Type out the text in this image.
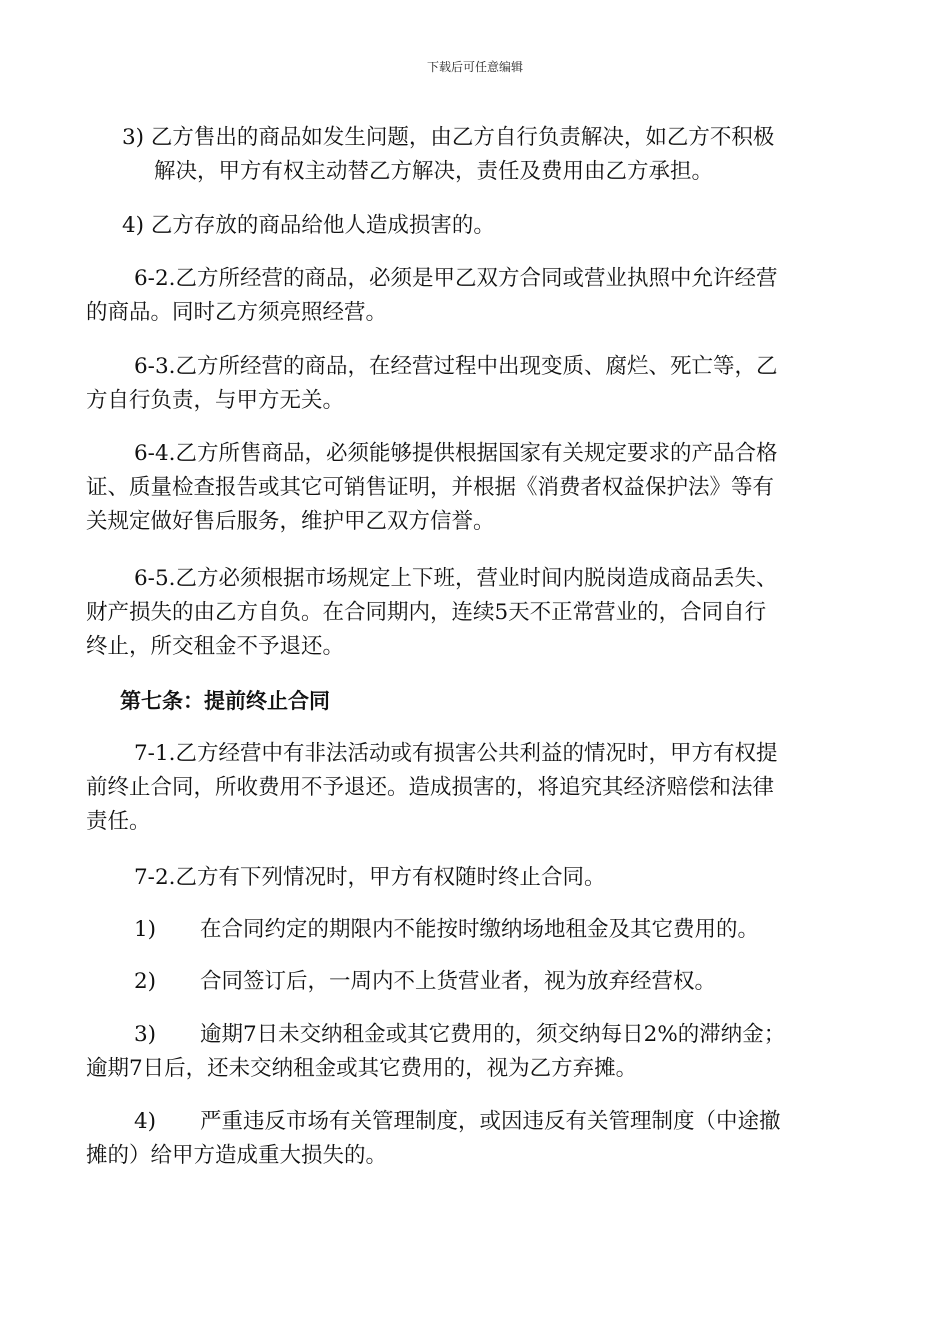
下载后可任意编辑

3) 乙方售出的商品如发生问题，由乙方自行负责解决，如乙方不积极
解决，甲方有权主动替乙方解决，责任及费用由乙方承担。

4) 乙方存放的商品给他人造成损害的。

6-2.乙方所经营的商品，必须是甲乙双方合同或营业执照中允许经营
的商品。同时乙方须亮照经营。

6-3.乙方所经营的商品，在经营过程中出现变质、腐烂、死亡等，乙
方自行负责，与甲方无关。

6-4.乙方所售商品，必须能够提供根据国家有关规定要求的产品合格
证、质量检查报告或其它可销售证明，并根据《消费者权益保护法》等有
关规定做好售后服务，维护甲乙双方信誉。

6-5.乙方必须根据市场规定上下班，营业时间内脱岗造成商品丢失、
财产损失的由乙方自负。在合同期内，连续5天不正常营业的，合同自行
终止，所交租金不予退还。

第七条：提前终止合同

7-1.乙方经营中有非法活动或有损害公共利益的情况时，甲方有权提
前终止合同，所收费用不予退还。造成损害的，将追究其经济赔偿和法律
责任。

7-2.乙方有下列情况时，甲方有权随时终止合同。

1) 在合同约定的期限内不能按时缴纳场地租金及其它费用的。

2) 合同签订后，一周内不上货营业者，视为放弃经营权。

3) 逾期7日未交纳租金或其它费用的，须交纳每日2%的滞纳金；
逾期7日后，还未交纳租金或其它费用的，视为乙方弃摊。

4) 严重违反市场有关管理制度，或因违反有关管理制度（中途撤
摊的）给甲方造成重大损失的。
